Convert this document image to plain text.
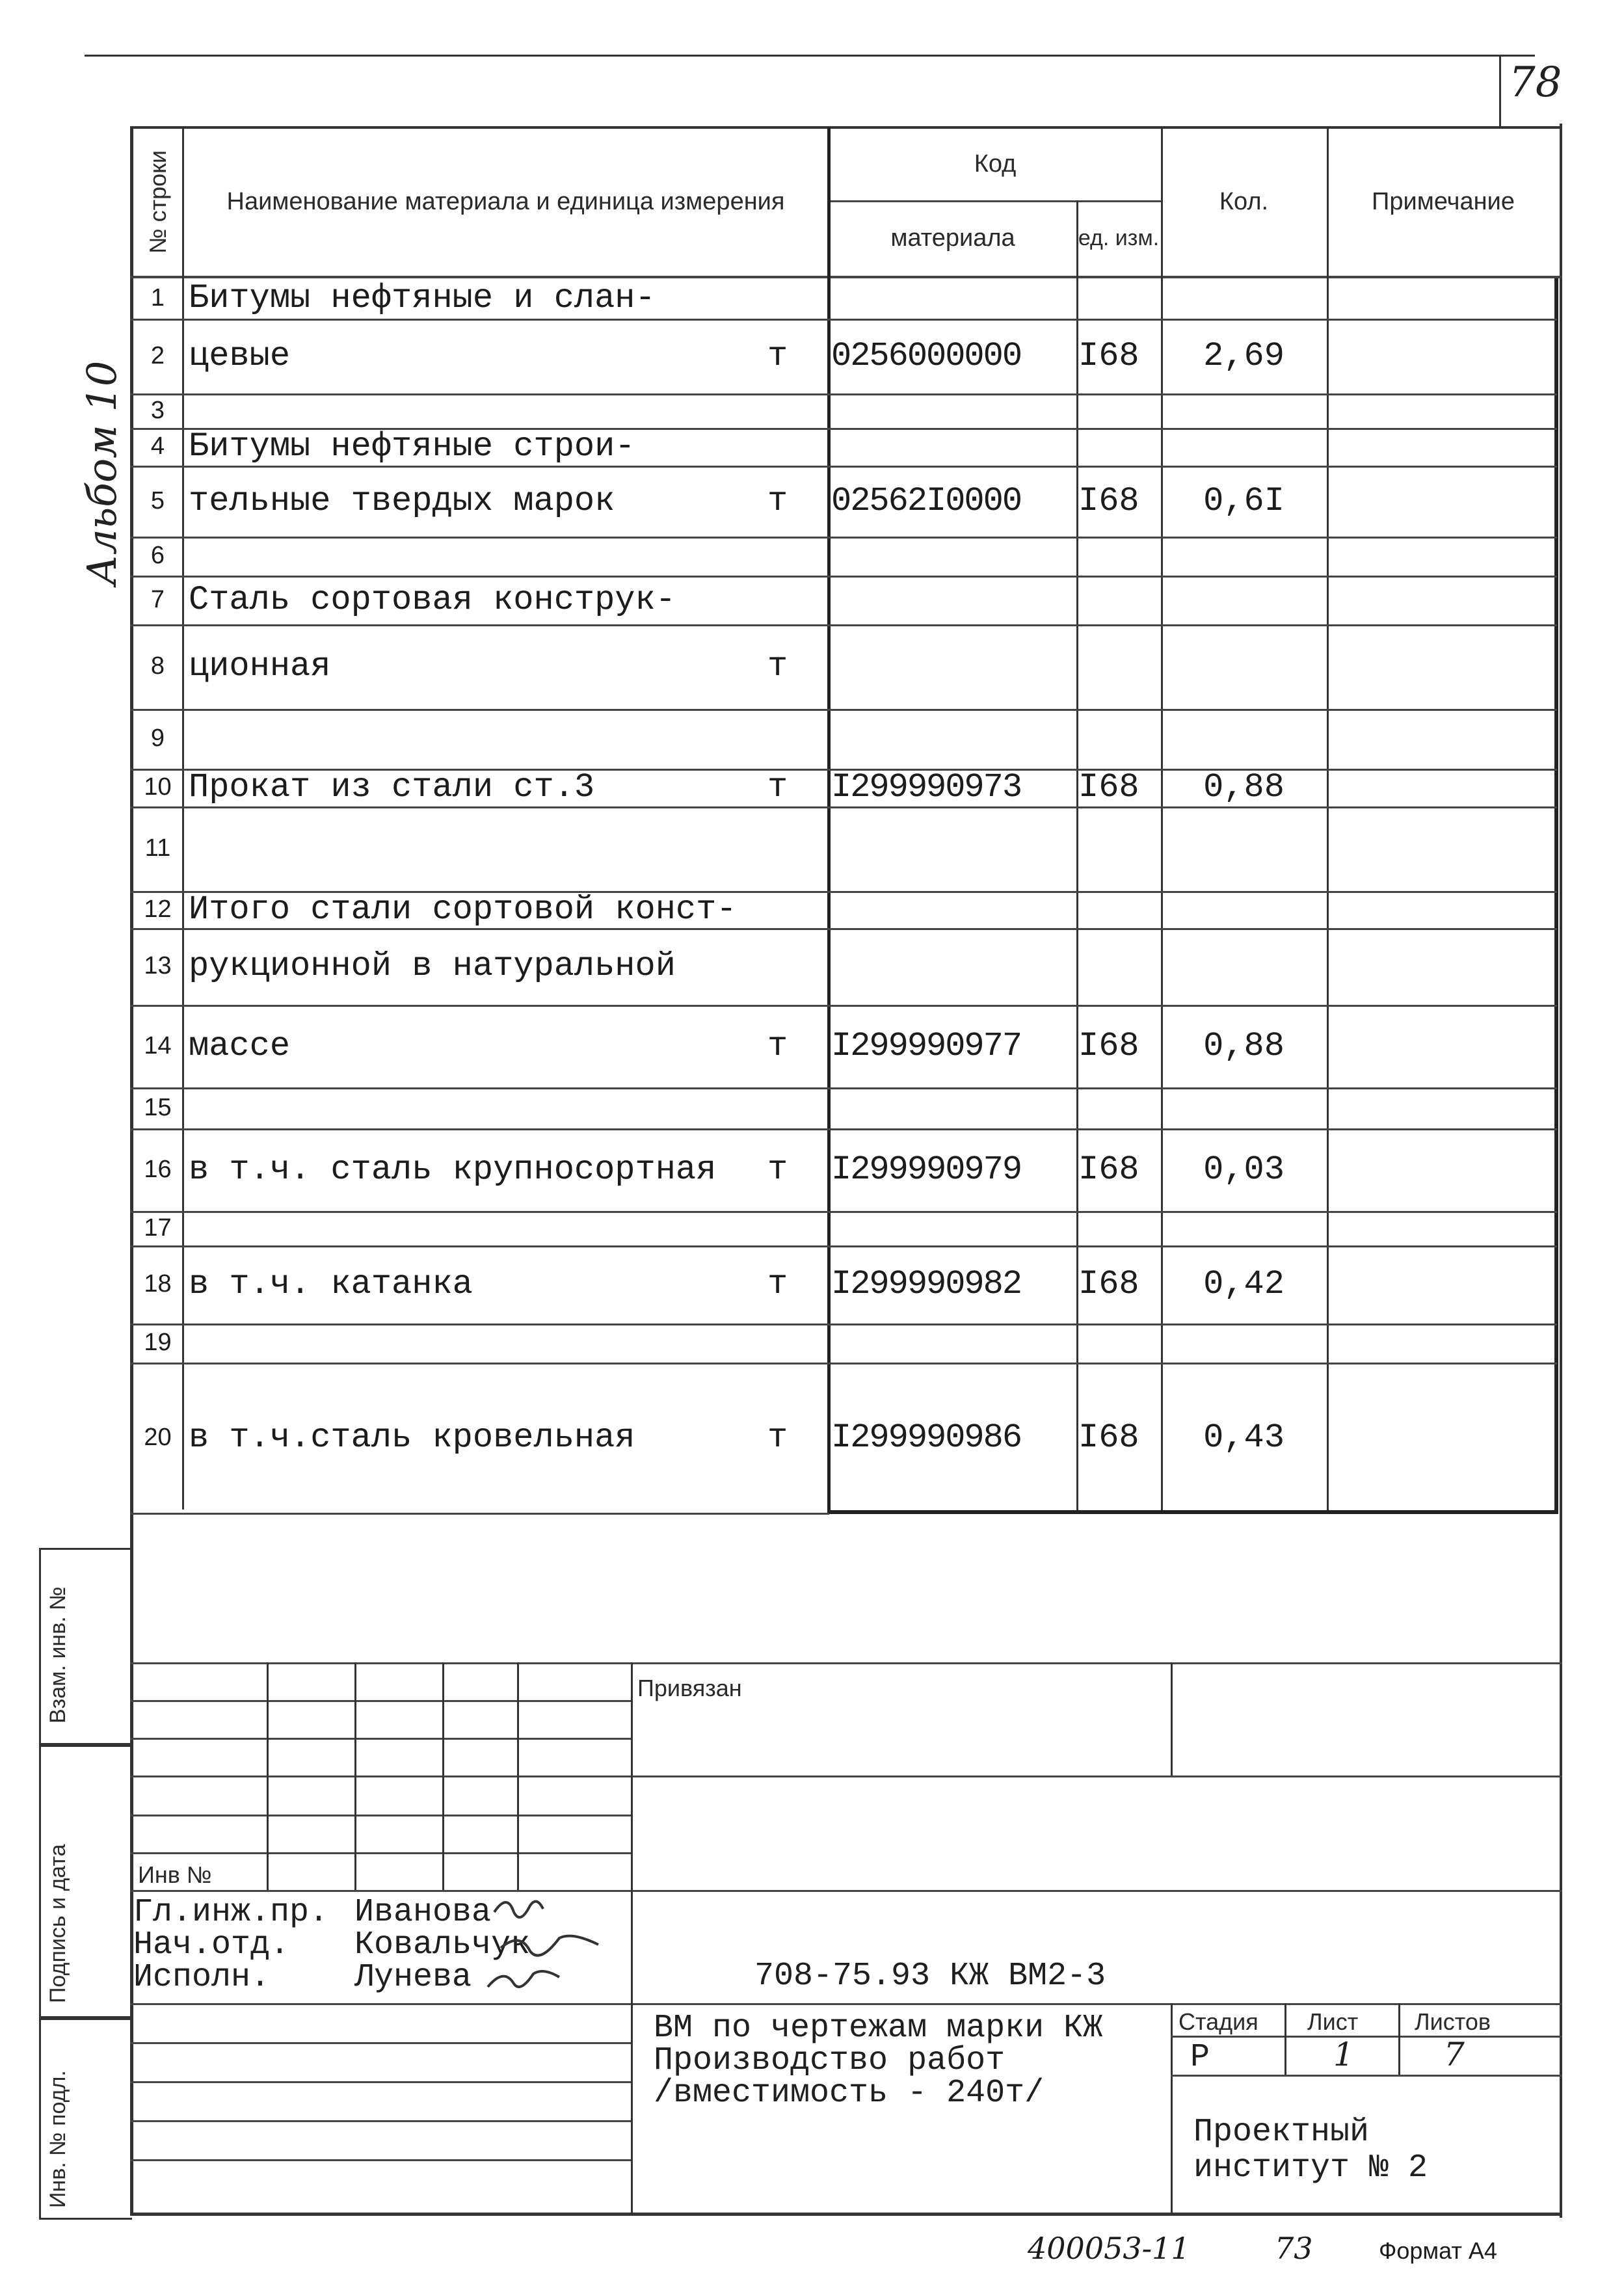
78
Альбом 10
№ строки	Наименование материала и единица измерения
Код
материала	ед. изм.
Кол.	Примечание
1 Битумы нефтяные и слан-
2 цевые	т 0256000000	I68	2,69
3
4 Битумы нефтяные строи-
5 тельные твердых марок	т 02562I0000	I68	0,6I
6
7 Сталь сортовая конструк-
8 ционная	т
9
10 Прокат из стали ст.3	т I299990973	I68	0,88
11
12 Итого стали сортовой конст-
13 рукционной в натуральной
14 массе	т I299990977	I68	0,88
15
16 в т.ч. сталь крупносортная т I299990979	I68	0,03
17
18 в т.ч. катанка	т I299990982	I68	0,42
19
20 в т.ч.сталь кровельная	т I299990986	I68	0,43
Взам. инв. №
Подпись и дата
Инв. № подл.
Привязан
Инв №
Гл.инж.пр. Иванова
Нач.отд. Ковальчук
Исполн.	Лунева	708-75.93 КЖ ВМ2-3
ВМ по чертежам марки КЖ
Производство работ
/вместимость - 240т/
Стадия Лист Листов
Р	1	7
Проектный
институт № 2
400053-11	73	Формат А4
